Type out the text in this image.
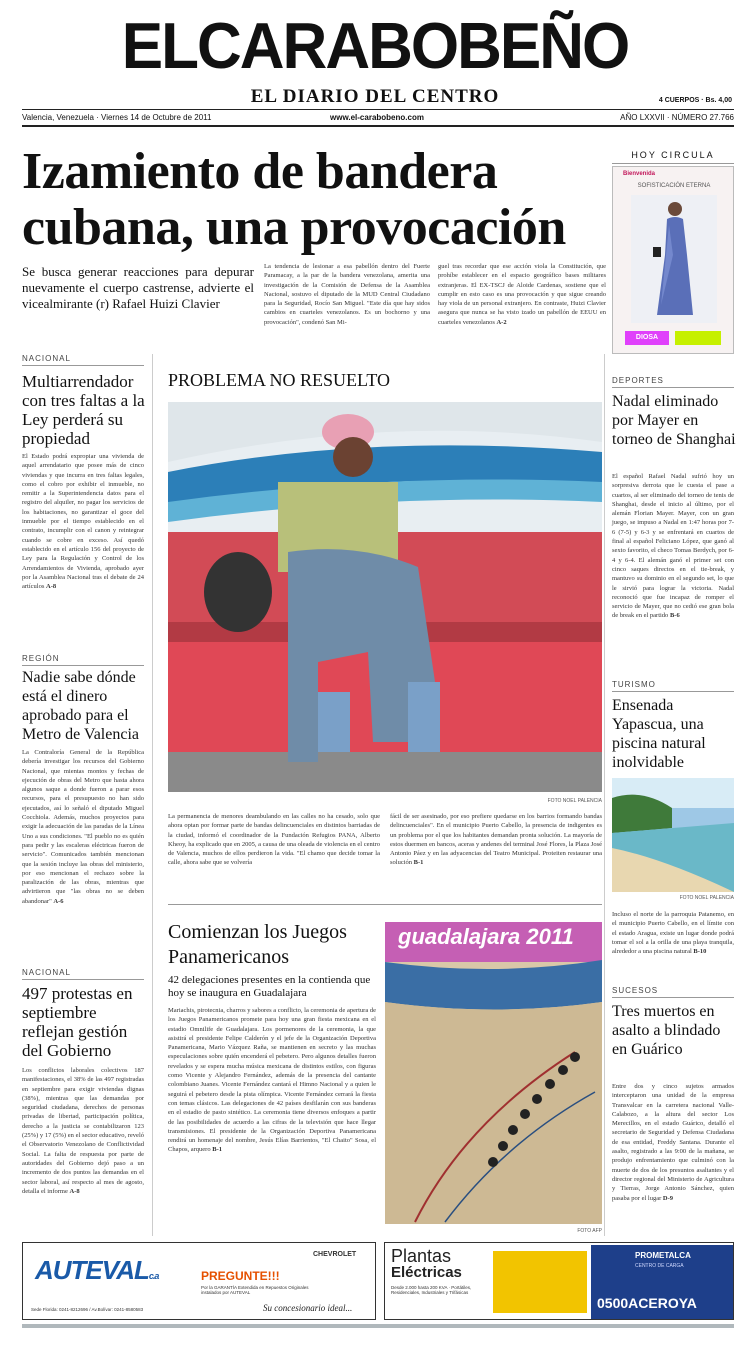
ELCARABOBEÑO
EL DIARIO DEL CENTRO	4 CUERPOS · Bs. 4,00
Valencia, Venezuela · Viernes 14 de Octubre de 2011	www.el-carabobeno.com	AÑO LXXVII · NÚMERO 27.766
Izamiento de bandera
cubana, una provocación
Se busca generar reacciones para depurar nuevamente el cuerpo castrense, advierte el vicealmirante (r) Rafael Huizi Clavier
La tendencia de lesionar a esa pabellón dentro del Fuerte Paramacay, a la par de la bandera venezolana, amerita una investigación de la Comisión de Defensa de la Asamblea Nacional, sostuvo el diputado de la MUD Central Ciudadano para la Seguridad, Rocío San Miguel. "Este día que hay sidos cambios en cuarteles venezolanos. Es un bochorno y una provocación", condenó San Mi-
guel tras recordar que ese acción viola la Constitución, que prohíbe establecer en el espacio geográfico bases militares extranjeras. El EX-TSCJ de Aloide Cardenas, sostiene que el cumplir en esto caso es una provocación y que sigue creando hay viola de un personal extranjero. En contraste, Huizi Clavier asegura que nunca se ha visto izado un pabellón de EEUU en cuarteles venezolanos A-2
HOY CIRCULA
Bienvenida
SOFISTICACIÓN ETERNA
DIOSA
NACIONAL
Multiarrendador con tres faltas a la Ley perderá su propiedad
El Estado podrá expropiar una vivienda de aquel arrendatario que posee más de cinco viviendas y que incurra en tres faltas legales, como el cobro por exhibir el inmueble, no remitir a la Superintendencia datos para el registro del alquiler, no pagar los servicios de los habitaciones, no garantizar el goce del inmueble por el tiempo establecido en el contrato, incumplir con el canon y reintegrar cuando se cobre en exceso. Así quedó establecido en el artículo 156 del proyecto de Ley para la Regulación y Control de los Arrendamientos de Vivienda, aprobado ayer por la Asamblea Nacional tras el debate de 24 artículos A-8
REGIÓN
Nadie sabe dónde está el dinero aprobado para el Metro de Valencia
La Contraloría General de la República debería investigar los recursos del Gobierno Nacional, que mientas montos y fechas de ejecución de obras del Metro que hasta ahora algunos saque a donde fueron a parar esos recursos, para el presupuesto no han sido ejecutados, así lo señaló el diputado Miguel Cocchiola. Además, muchos proyectos para exigir la adecuación de las paradas de la Línea Uno a sus condiciones. "El pueblo no es quién para pedir y las escaleras eléctricas fueron de servicio". Comunicados también mencionan que la sesión incluye las obras del ministerio, por eso mencionan el rechazo sobre la paralización de las obras, mientras que advirtieron que "las obras no se deben abandonar" A-6
NACIONAL
497 protestas en septiembre reflejan gestión del Gobierno
Los conflictos laborales colectivos 187 manifestaciones, el 38% de las 497 registradas en septiembre para exigir viviendas dignas (38%), mientras que las demandas por seguridad ciudadana, derechos de personas privadas de libertad, participación política, derecho a la justicia se contabilizaron 123 (25%) y 17 (5%) en el sector educativo, reveló el Observatorio Venezolano de Conflictividad Social. La falta de respuesta por parte de autoridades del Gobierno dejó paso a un incremento de dos puntos las demandas en el sector laboral, así respecto al mes de agosto, detalla el informe A-8
PROBLEMA NO RESUELTO
FOTO NOEL PALENCIA
La permanencia de menores deambulando en las calles no ha cesado, solo que ahora optan por formar parte de bandas delincuenciales en distintos barriadas de la ciudad, informó el coordinador de la Fundación Refugios PANA, Alberto Kheoy, ha explicado que en 2005, a causa de una oleada de violencia en el centro de Valencia, muchos de ellos perdieron la vida. "El chamo que decide tomar la calle, ahora sabe que se volvería
fácil de ser asesinado, por eso prefiere quedarse en los barrios formando bandas delincuenciales". En el municipio Puerto Cabello, la presencia de indigentes es un problema por el que los habitantes demandan pronta solución. La mayoría de estos duermen en bancos, aceras y andenes del terminal José Flores, la Plaza José Antonio Páez y en las adyacencias del Teatro Municipal. Proteiten restaurar una solución B-1
Comienzan los Juegos Panamericanos
42 delegaciones presentes en la contienda que hoy se inaugura en Guadalajara
Mariachis, pirotecnia, charros y sabores a conflicto, la ceremonia de apertura de los Juegos Panamericanos promete para hoy una gran fiesta mexicana en el estadio Omnilife de Guadalajara. Los pormenores de la ceremonia, la que asistirá el presidente Felipe Calderón y el jefe de la Organización Deportiva Panamericana, Mario Vázquez Raña, se mantienen en secreto y las muchas especulaciones sobre quién encenderá el pebetero. Pero algunos detalles fueron revelados y se espera mucha música mexicana de distintos estilos, con figuras como Vicente y Alejandro Fernández, además de la presencia del cantante colombiano Juanes. Vicente Fernández cantará el Himno Nacional y a quien le seguirá el pebetero desde la pista olímpica. Vicente Fernández cerrará la fiesta con temas clásicos. Las delegaciones de 42 países desfilarán con sus banderas en el estadio de pasto sintético. La ceremonia tiene diversos enfoques a partir de las posibilidades de acuerdo a las cifras de la televisión que hace llegar transmisiones. El presidente de la Organización Deportiva Panamericana rendirá un homenaje del nombre, Jesús Elías Barrientos, "El Chaito" Sosa, el Chapos, arquero B-1
guadalajara 2011
FOTO AFP
DEPORTES
Nadal eliminado por Mayer en torneo de Shanghai
El español Rafael Nadal sufrió hoy un sorpresiva derrota que le cuesta el pase a cuartos, al ser eliminado del torneo de tenis de Shanghai, desde el inicio al último, por el alemán Florian Mayer. Mayer, con un gran juego, se impuso a Nadal en 1:47 horas por 7-6 (7-5) y 6-3 y se enfrentará en cuartos de final al español Feliciano López, que ganó al sexto favorito, el checo Tomas Berdych, por 6-4 y 6-4. El alemán ganó el primer set con cinco saques directos en el tie-break, y mantuvo su dominio en el segundo set, lo que le sirvió para lograr la victoria. Nadal reconoció que fue incapaz de romper el servicio de Mayer, que no cedió ese gran bola de break en el partido B-6
TURISMO
Ensenada Yapascua, una piscina natural inolvidable
FOTO NOEL PALENCIA
Incluso el norte de la parroquia Patanemo, en el municipio Puerto Cabello, en el límite con el estado Aragua, existe un lugar donde podrá tomar el sol a la orilla de una playa tranquila, alrededor a una piscina natural B-10
SUCESOS
Tres muertos en asalto a blindado en Guárico
Entre dos y cinco sujetos armados interceptaron una unidad de la empresa Transvalcar en la carretera nacional Valle-Calabozo, a la altura del sector Los Merecillos, en el estado Guárico, detalló el secretario de Seguridad y Defensa Ciudadana de esa entidad, Freddy Santana. Durante el asalto, registrado a las 9:00 de la mañana, se produjo enfrentamiento que culminó con la muerte de dos de los presuntos asaltantes y el director regional del Ministerio de Agricultura y Tierras, Jorge Antonio Sánchez, quien pasaba por el lugar D-9
AUTEVALc.a
Sede Florida: 0241-8212696 / Av.Bolívar: 0241-8580583
PREGUNTE!!!
Por la GARANTÍA Extendida en Repuestos Originales instalados por AUTEVAL
CHEVROLET
Su concesionario ideal...
Plantas
Eléctricas
Desde 2.000 hasta 200 KVA · Portátiles, Residenciales, Industriales y Trifásicas
PROMETALCA
CENTRO DE CARGA
0500ACEROYA
